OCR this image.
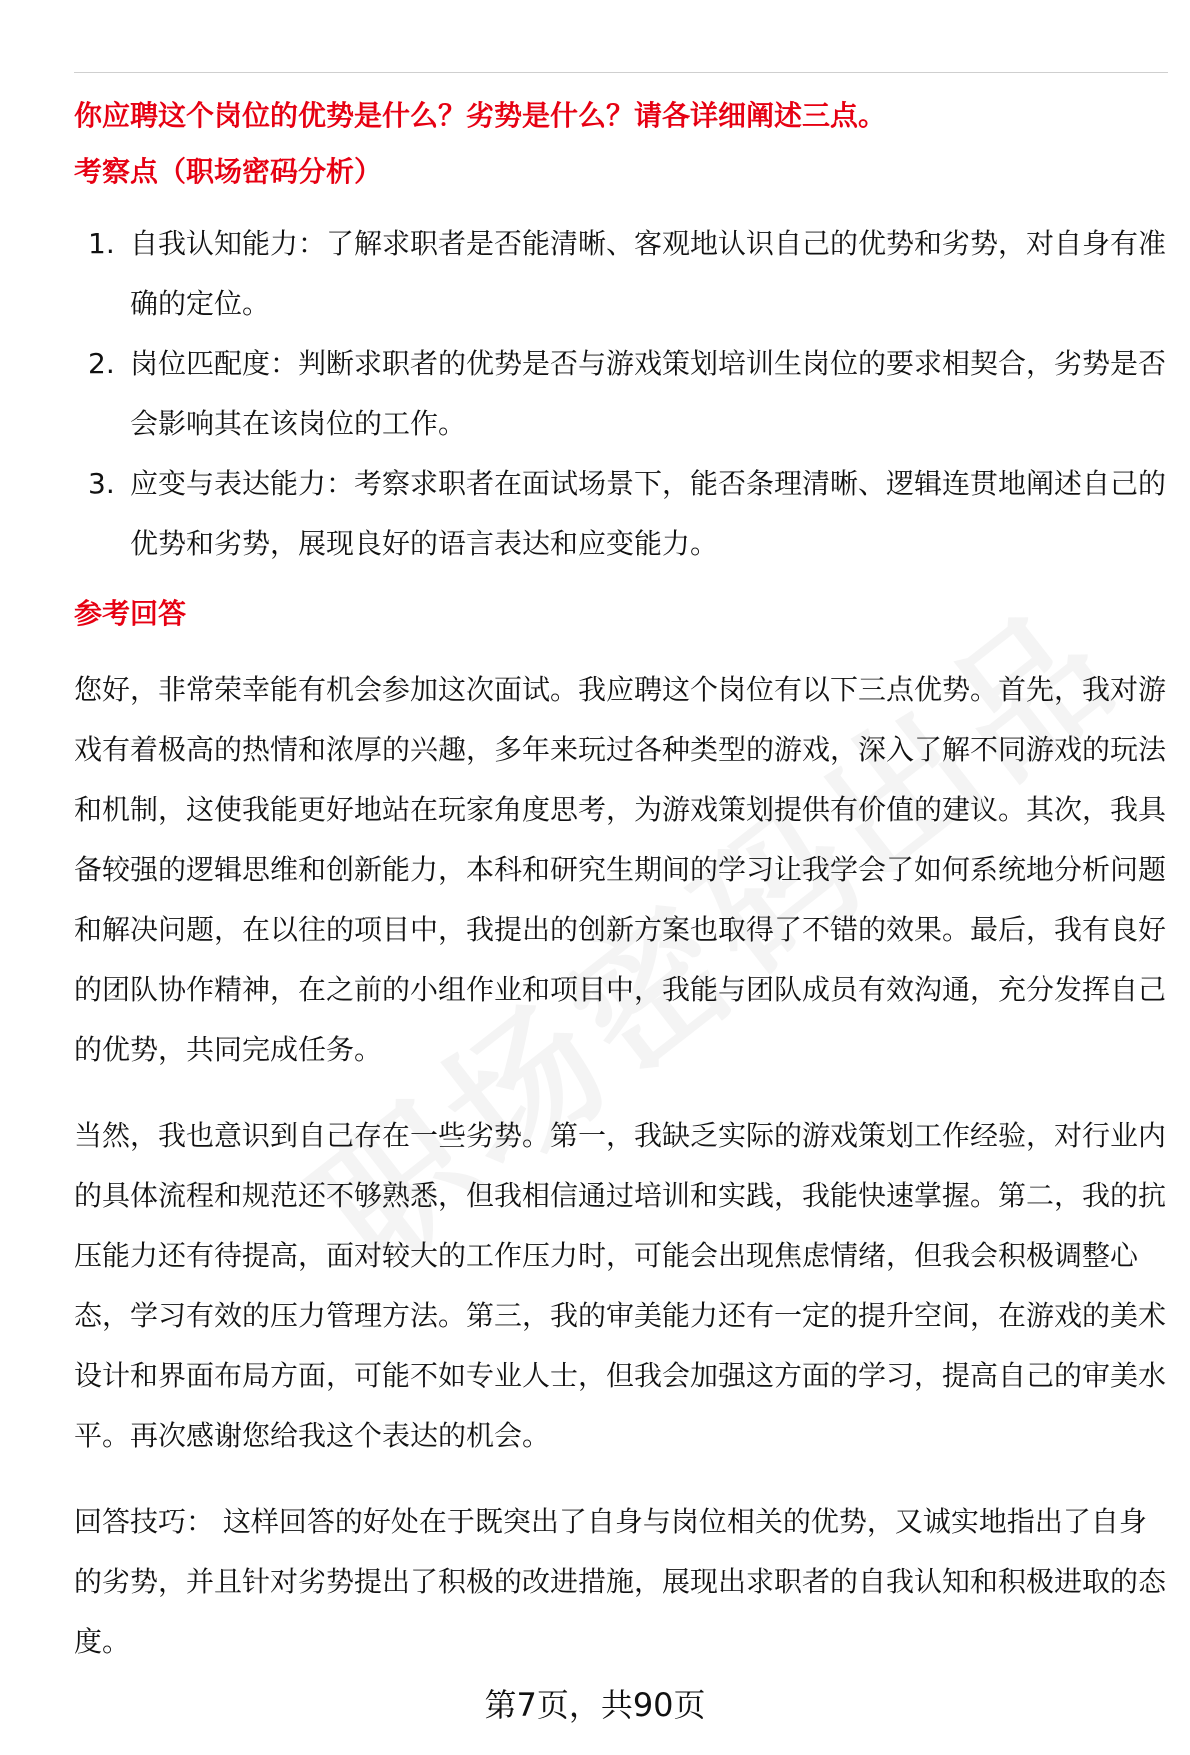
你应聘这个岗位的优势是什么？劣势是什么？请各详细阐述三点。

考察点（职场密码分析）

1. 自我认知能力：了解求职者是否能清晰、客观地认识自己的优势和劣势，对自身有准确的定位。
2. 岗位匹配度：判断求职者的优势是否与游戏策划培训生岗位的要求相契合，劣势是否会影响其在该岗位的工作。
3. 应变与表达能力：考察求职者在面试场景下，能否条理清晰、逻辑连贯地阐述自己的优势和劣势，展现良好的语言表达和应变能力。

参考回答

您好，非常荣幸能有机会参加这次面试。我应聘这个岗位有以下三点优势。首先，我对游戏有着极高的热情和浓厚的兴趣，多年来玩过各种类型的游戏，深入了解不同游戏的玩法和机制，这使我能更好地站在玩家角度思考，为游戏策划提供有价值的建议。其次，我具备较强的逻辑思维和创新能力，本科和研究生期间的学习让我学会了如何系统地分析问题和解决问题，在以往的项目中，我提出的创新方案也取得了不错的效果。最后，我有良好的团队协作精神，在之前的小组作业和项目中，我能与团队成员有效沟通，充分发挥自己的优势，共同完成任务。

当然，我也意识到自己存在一些劣势。第一，我缺乏实际的游戏策划工作经验，对行业内的具体流程和规范还不够熟悉，但我相信通过培训和实践，我能快速掌握。第二，我的抗压能力还有待提高，面对较大的工作压力时，可能会出现焦虑情绪，但我会积极调整心态，学习有效的压力管理方法。第三，我的审美能力还有一定的提升空间，在游戏的美术设计和界面布局方面，可能不如专业人士，但我会加强这方面的学习，提高自己的审美水平。再次感谢您给我这个表达的机会。

回答技巧： 这样回答的好处在于既突出了自身与岗位相关的优势，又诚实地指出了自身的劣势，并且针对劣势提出了积极的改进措施，展现出求职者的自我认知和积极进取的态度。

第7页，共90页
